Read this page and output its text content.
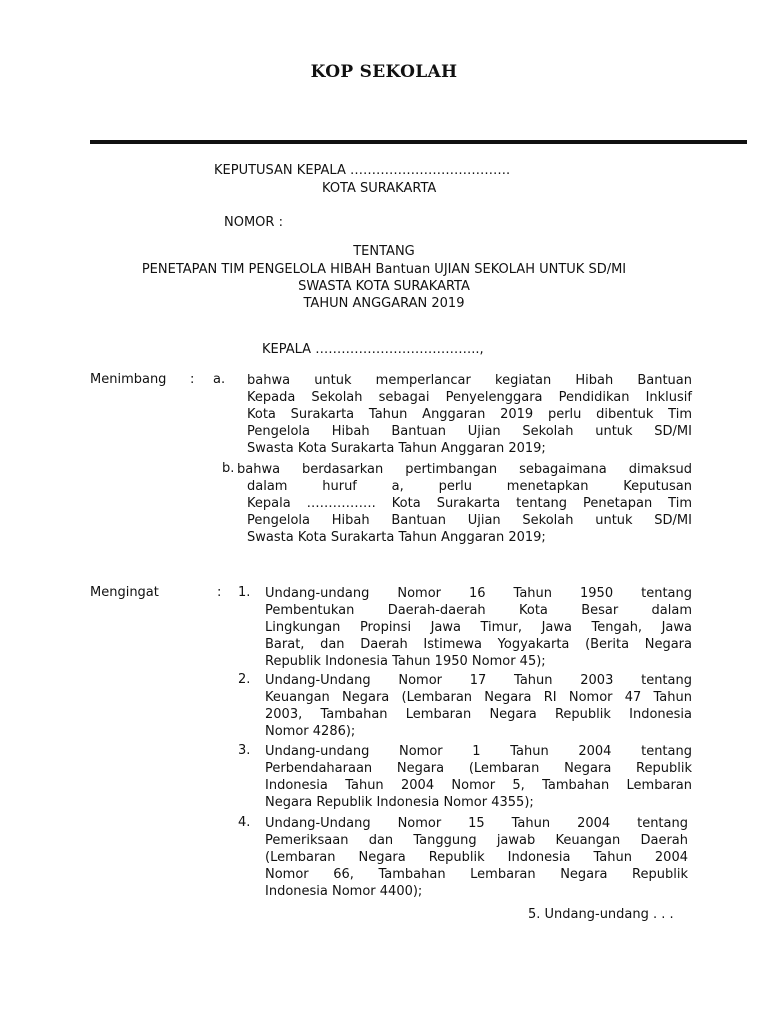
KOP SEKOLAH
KEPUTUSAN KEPALA ……………………………….
KOTA SURAKARTA
NOMOR :
TENTANG
PENETAPAN TIM PENGELOLA HIBAH Bantuan UJIAN SEKOLAH UNTUK SD/MI
SWASTA KOTA SURAKARTA
TAHUN ANGGARAN 2019
KEPALA ………………………………..,
Menimbang : a. bahwa untuk memperlancar kegiatan Hibah Bantuan

Kepada Sekolah sebagai Penyelenggara Pendidikan Inklusif

Kota Surakarta Tahun Anggaran 2019 perlu dibentuk Tim

Pengelola Hibah Bantuan Ujian Sekolah untuk SD/MI

Swasta Kota Surakarta Tahun Anggaran 2019;

b. bahwa berdasarkan pertimbangan sebagaimana dimaksud

dalam huruf a, perlu menetapkan Keputusan

Kepala ……………. Kota Surakarta tentang Penetapan Tim

Pengelola Hibah Bantuan Ujian Sekolah untuk SD/MI

Swasta Kota Surakarta Tahun Anggaran 2019;

Mengingat	: 1. Undang-undang Nomor 16 Tahun 1950 tentang

Pembentukan Daerah-daerah Kota Besar dalam

Lingkungan Propinsi Jawa Timur, Jawa Tengah, Jawa

Barat, dan Daerah Istimewa Yogyakarta (Berita Negara

Republik Indonesia Tahun 1950 Nomor 45);

2. Undang-Undang Nomor 17 Tahun 2003 tentang

Keuangan Negara (Lembaran Negara RI Nomor 47 Tahun

2003, Tambahan Lembaran Negara Republik Indonesia

Nomor 4286);

3. Undang-undang Nomor 1 Tahun 2004 tentang

Perbendaharaan Negara (Lembaran Negara Republik

Indonesia Tahun 2004 Nomor 5, Tambahan Lembaran

Negara Republik Indonesia Nomor 4355);

4. Undang-Undang Nomor 15 Tahun 2004 tentang

Pemeriksaan dan Tanggung jawab Keuangan Daerah

(Lembaran Negara Republik Indonesia Tahun 2004

Nomor 66, Tambahan Lembaran Negara Republik

Indonesia Nomor 4400);

5. Undang-undang . . .
